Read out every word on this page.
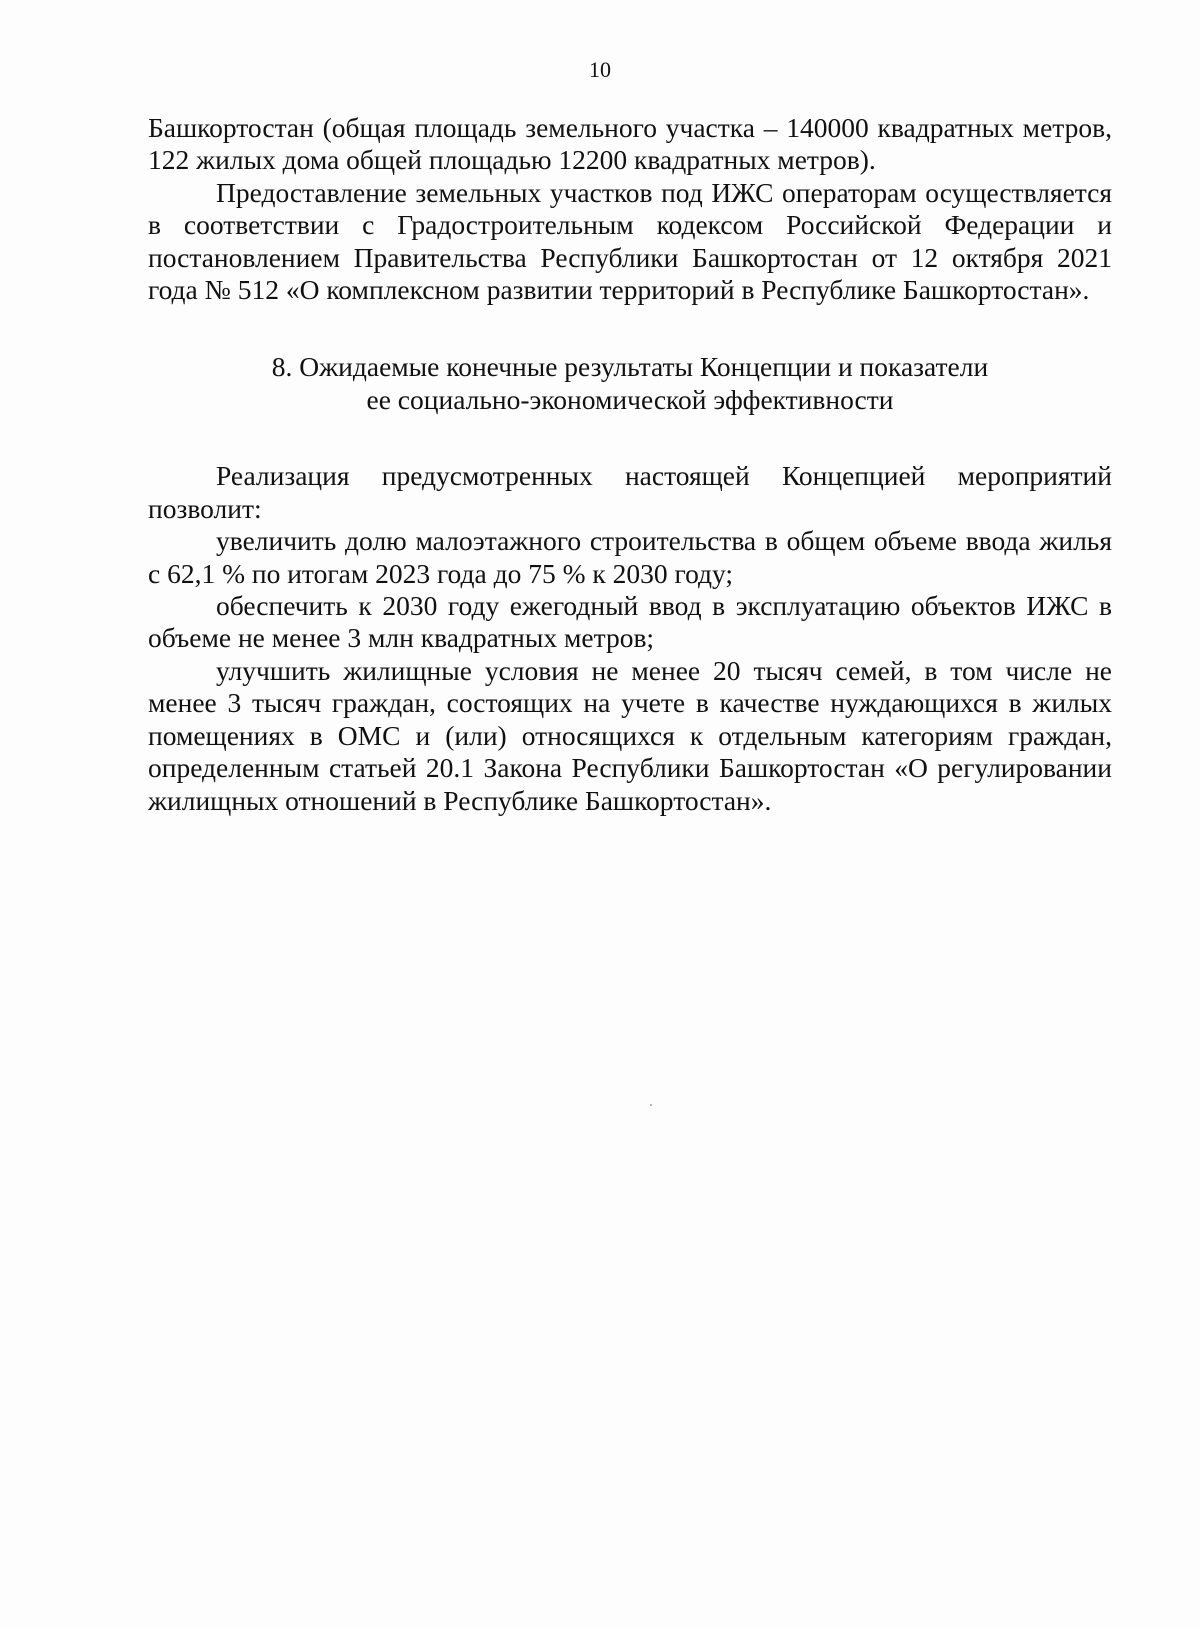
10

Башкортостан (общая площадь земельного участка – 140000 квадратных метров, 122 жилых дома общей площадью 12200 квадратных метров).

Предоставление земельных участков под ИЖС операторам осуществляется в соответствии с Градостроительным кодексом Российской Федерации и постановлением Правительства Республики Башкортостан от 12 октября 2021 года № 512 «О комплексном развитии территорий в Республике Башкортостан».

8. Ожидаемые конечные результаты Концепции и показатели
ее социально-экономической эффективности

Реализация предусмотренных настоящей Концепцией мероприятий позволит:

увеличить долю малоэтажного строительства в общем объеме ввода жилья с 62,1 % по итогам 2023 года до 75 % к 2030 году;

обеспечить к 2030 году ежегодный ввод в эксплуатацию объектов ИЖС в объеме не менее 3 млн квадратных метров;

улучшить жилищные условия не менее 20 тысяч семей, в том числе не менее 3 тысяч граждан, состоящих на учете в качестве нуждающихся в жилых помещениях в ОМС и (или) относящихся к отдельным категориям граждан, определенным статьей 20.1 Закона Республики Башкортостан «О регулировании жилищных отношений в Республике Башкортостан».
